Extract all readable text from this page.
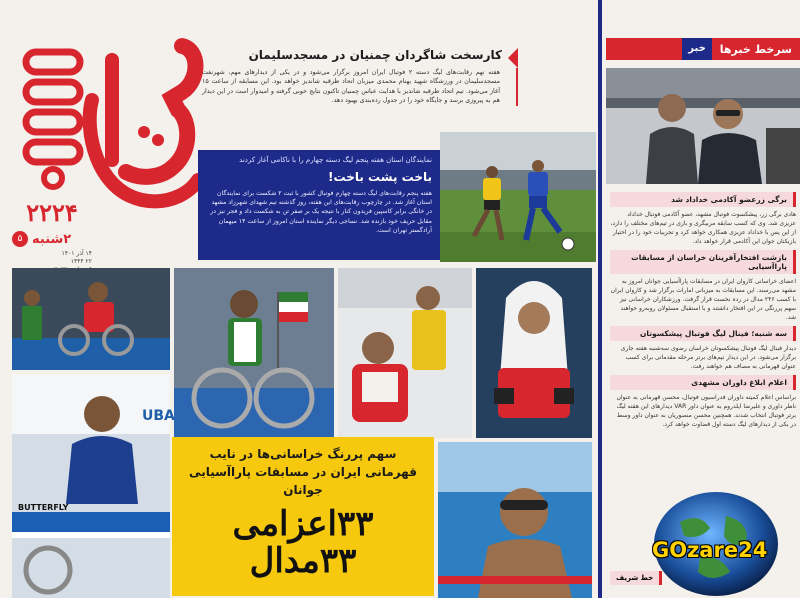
۲۲۲۴
۲شنبه
۵
۱۴ آذر ۱۴۰۱
۲۲ ۱۴۴۴
کارسخت شاگردان چمنیان در مسجدسلیمان
هفته نهم رقابت‌های لیگ دسته ۲ فوتبال ایران امروز برگزار می‌شود و در یکی از دیدارهای مهم، شهرنفت مسجدسلیمان در ورزشگاه شهید بهنام محمدی میزبان اتحاد طرقبه شاندیز خواهد بود. این مسابقه از ساعت ۱۵ آغاز می‌شود. تیم اتحاد طرقبه شاندیز با هدایت عباس چمنیان تاکنون نتایج خوبی گرفته و امیدوار است در این دیدار هم به پیروزی برسد و جایگاه خود را در جدول رده‌بندی بهبود دهد.
نمایندگان استان هفته پنجم لیگ دسته چهارم را با ناکامی آغاز کردند
باخت پشت باخت!
هفته پنجم رقابت‌های لیگ دسته چهارم فوتبال کشور با ثبت ۲ شکست برای نمایندگان استان آغاز شد. در چارچوب رقابت‌های این هفته، روز گذشته تیم شهدای شهرزاد مشهد در خانگی برابر کاسپین فریدون کنار با نتیجه یک بر صفر تن به شکست داد و فجر نیز در مقابل حریف خود بازنده شد. نساجی دیگر نماینده استان امروز از ساعت ۱۴ میهمان آرادگستر تهران است.
سرخط خبرها
خبر
برگی زرعضو آکادمی خداداد شد
هادی برگی زر، پیشکسوت فوتبال مشهد، عضو آکادمی فوتبال خداداد عزیزی شد. وی که کسب سابقه مربیگری و بازی در تیم‌های مختلف را دارد، از این پس با خداداد عزیزی همکاری خواهد کرد و تجربیات خود را در اختیار بازیکنان جوان این آکادمی قرار خواهد داد.
بازشت افتخارآفرینان خراسان از مسابقات پاراآسیایی
اعضای خراسانی کاروان ایران در مسابقات پاراآسیایی جوانان امروز به مشهد می‌رسند. این مسابقات به میزبانی امارات برگزار شد و کاروان ایران با کسب ۲۴۶ مدال در رده نخست قرار گرفت. ورزشکاران خراسانی نیز سهم پررنگی در این افتخار داشتند و با استقبال مسئولان روبه‌رو خواهند شد.
سه شنبه؛ فینال لیگ فوتبال پیشکسوتان
دیدار فینال لیگ فوتبال پیشکسوتان خراسان رضوی سه‌شنبه هفته جاری برگزار می‌شود. در این دیدار تیم‌های برتر مرحله مقدماتی برای کسب عنوان قهرمانی به مصاف هم خواهند رفت.
اعلام ابلاغ داوران مشهدی
براساس اعلام کمیته داوران فدراسیون فوتبال، محسن قهرمانی به عنوان ناظر داوری و علیرضا ایلدروم به عنوان داور VAR دیدارهای این هفته لیگ برتر فوتبال انتخاب شدند. همچنین محسن منصوریان به عنوان داور وسط در یکی از دیدارهای لیگ دسته اول قضاوت خواهد کرد.
خط شریف
UBA
BUTTERFLY
سهم پررنگ خراسانی‌ها در نایب قهرمانی ایران در مسابقات پاراآسیایی جوانان
۳۳اعزامی
۳۳مدال	GOzare24
